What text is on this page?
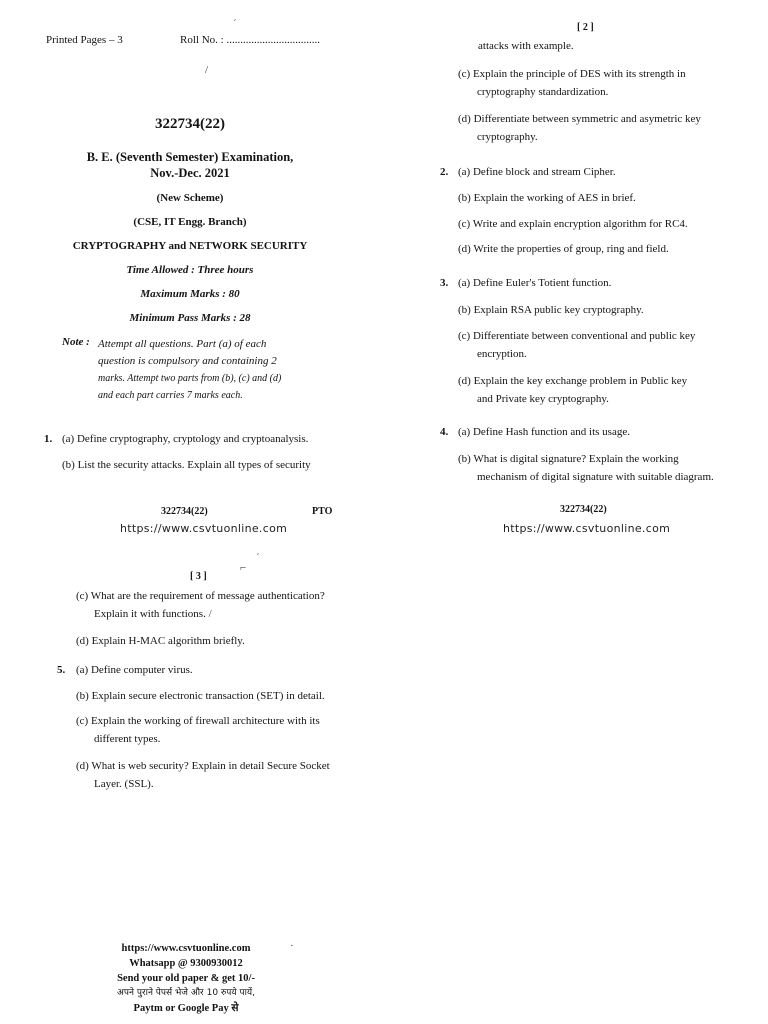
Printed Pages – 3	Roll No. : ..................................
ˊ
/
322734(22)
B. E. (Seventh Semester) Examination,
Nov.-Dec. 2021
(New Scheme)
(CSE, IT Engg. Branch)
CRYPTOGRAPHY and NETWORK SECURITY
Time Allowed : Three hours
Maximum Marks : 80
Minimum Pass Marks : 28
Note : Attempt all questions. Part (a) of each
question is compulsory and containing 2
marks. Attempt two parts from (b), (c) and (d)
and each part carries 7 marks each.
1. (a) Define cryptography, cryptology and cryptoanalysis.
(b) List the security attacks. Explain all types of security
322734(22)	PTO
https://www.csvtuonline.com
[ 2 ]
attacks with example.
(c) Explain the principle of DES with its strength in
cryptography standardization.
(d) Differentiate between symmetric and asymetric key
cryptography.
2. (a) Define block and stream Cipher.
(b) Explain the working of AES in brief.
(c) Write and explain encryption algorithm for RC4.
(d) Write the properties of group, ring and field.
3. (a) Define Euler's Totient function.
(b) Explain RSA public key cryptography.
(c) Differentiate between conventional and public key
encryption.
(d) Explain the key exchange problem in Public key
and Private key cryptography.
4. (a) Define Hash function and its usage.
(b) What is digital signature? Explain the working
mechanism of digital signature with suitable diagram.
322734(22)
https://www.csvtuonline.com
ˊ
⌐
[ 3 ]
(c) What are the requirement of message authentication?
Explain it with functions. /
(d) Explain H-MAC algorithm briefly.
5. (a) Define computer virus.
(b) Explain secure electronic transaction (SET) in detail.
(c) Explain the working of firewall architecture with its
different types.
(d) What is web security? Explain in detail Secure Socket
Layer. (SSL).
https://www.csvtuonline.com
Whatsapp @ 9300930012
Send your old paper & get 10/-
अपने पुराने पेपर्स भेजे और 10 रुपये पायें,
Paytm or Google Pay से
·
